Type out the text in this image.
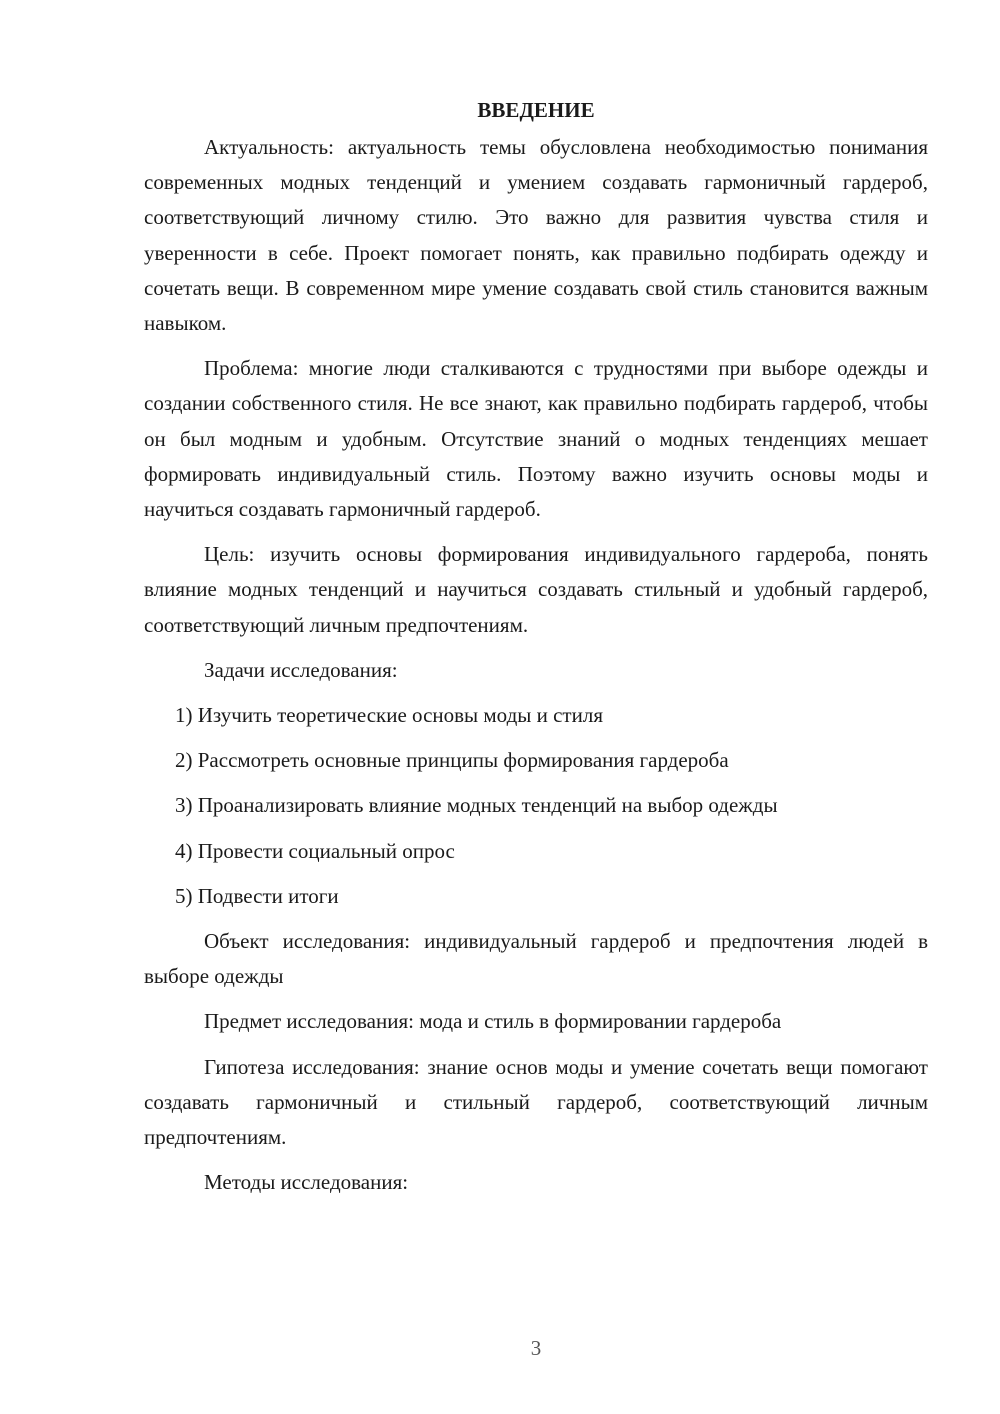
ВВЕДЕНИЕ

Актуальность: актуальность темы обусловлена необходимостью понимания современных модных тенденций и умением создавать гармоничный гардероб, соответствующий личному стилю. Это важно для развития чувства стиля и уверенности в себе. Проект помогает понять, как правильно подбирать одежду и сочетать вещи. В современном мире умение создавать свой стиль становится важным навыком.

Проблема: многие люди сталкиваются с трудностями при выборе одежды и создании собственного стиля. Не все знают, как правильно подбирать гардероб, чтобы он был модным и удобным. Отсутствие знаний о модных тенденциях мешает формировать индивидуальный стиль. Поэтому важно изучить основы моды и научиться создавать гармоничный гардероб.

Цель: изучить основы формирования индивидуального гардероба, понять влияние модных тенденций и научиться создавать стильный и удобный гардероб, соответствующий личным предпочтениям.

Задачи исследования:

1) Изучить теоретические основы моды и стиля
2) Рассмотреть основные принципы формирования гардероба
3) Проанализировать влияние модных тенденций на выбор одежды
4) Провести социальный опрос
5) Подвести итоги

Объект исследования: индивидуальный гардероб и предпочтения людей в выборе одежды

Предмет исследования: мода и стиль в формировании гардероба

Гипотеза исследования: знание основ моды и умение сочетать вещи помогают создавать гармоничный и стильный гардероб, соответствующий личным предпочтениям.

Методы исследования:

3
